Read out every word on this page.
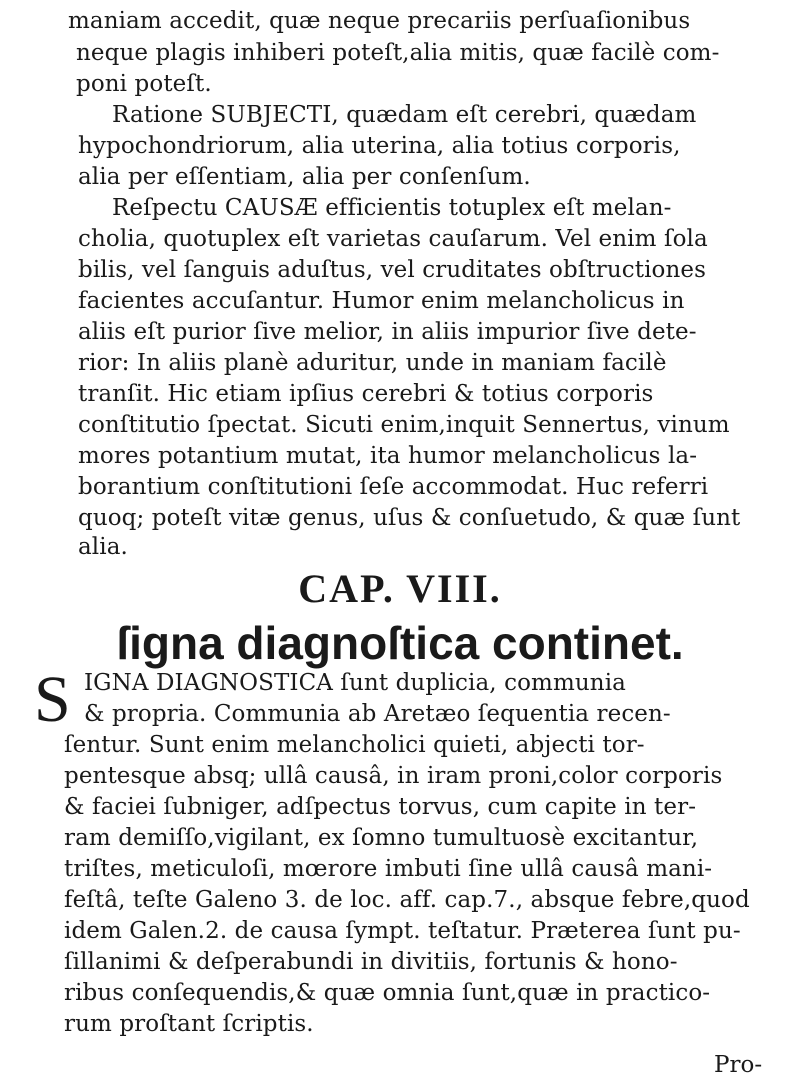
maniam accedit, quæ neque precariis perſuaſionibus
neque plagis inhiberi poteſt,alia mitis, quæ facilè com-
poni poteſt.
Ratione SUBJECTI, quædam eſt cerebri, quædam
hypochondriorum, alia uterina, alia totius corporis,
alia per eſſentiam, alia per conſenſum.
Reſpectu CAUSÆ efficientis totuplex eſt melan-
cholia, quotuplex eſt varietas cauſarum. Vel enim ſola
bilis, vel ſanguis aduſtus, vel cruditates obſtructiones
facientes accuſantur. Humor enim melancholicus in
aliis eſt purior ſive melior, in aliis impurior ſive dete-
rior: In aliis planè aduritur, unde in maniam facilè
tranſit. Hic etiam ipſius cerebri & totius corporis
conſtitutio ſpectat. Sicuti enim,inquit Sennertus, vinum
mores potantium mutat, ita humor melancholicus la-
borantium conſtitutioni ſeſe accommodat. Huc referri
quoq; poteſt vitæ genus, uſus & conſuetudo, & quæ ſunt
alia.
CAP. VIII.
ſigna diagnoſtica continet.
S IGNA DIAGNOSTICA ſunt duplicia, communia
& propria. Communia ab Aretæo ſequentia recen-
ſentur. Sunt enim melancholici quieti, abjecti tor-
pentesque absq; ullâ causâ, in iram proni,color corporis
& faciei ſubniger, adſpectus torvus, cum capite in ter-
ram demiſſo,vigilant, ex ſomno tumultuosè excitantur,
triſtes, meticuloſi, mœrore imbuti ſine ullâ causâ mani-
feſtâ, teſte Galeno 3. de loc. aff. cap.7., absque febre,quod
idem Galen.2. de causa ſympt. teſtatur. Præterea ſunt pu-
ſillanimi & deſperabundi in divitiis, fortunis & hono-
ribus conſequendis,& quæ omnia ſunt,quæ in practico-
rum proſtant ſcriptis.
Pro-
